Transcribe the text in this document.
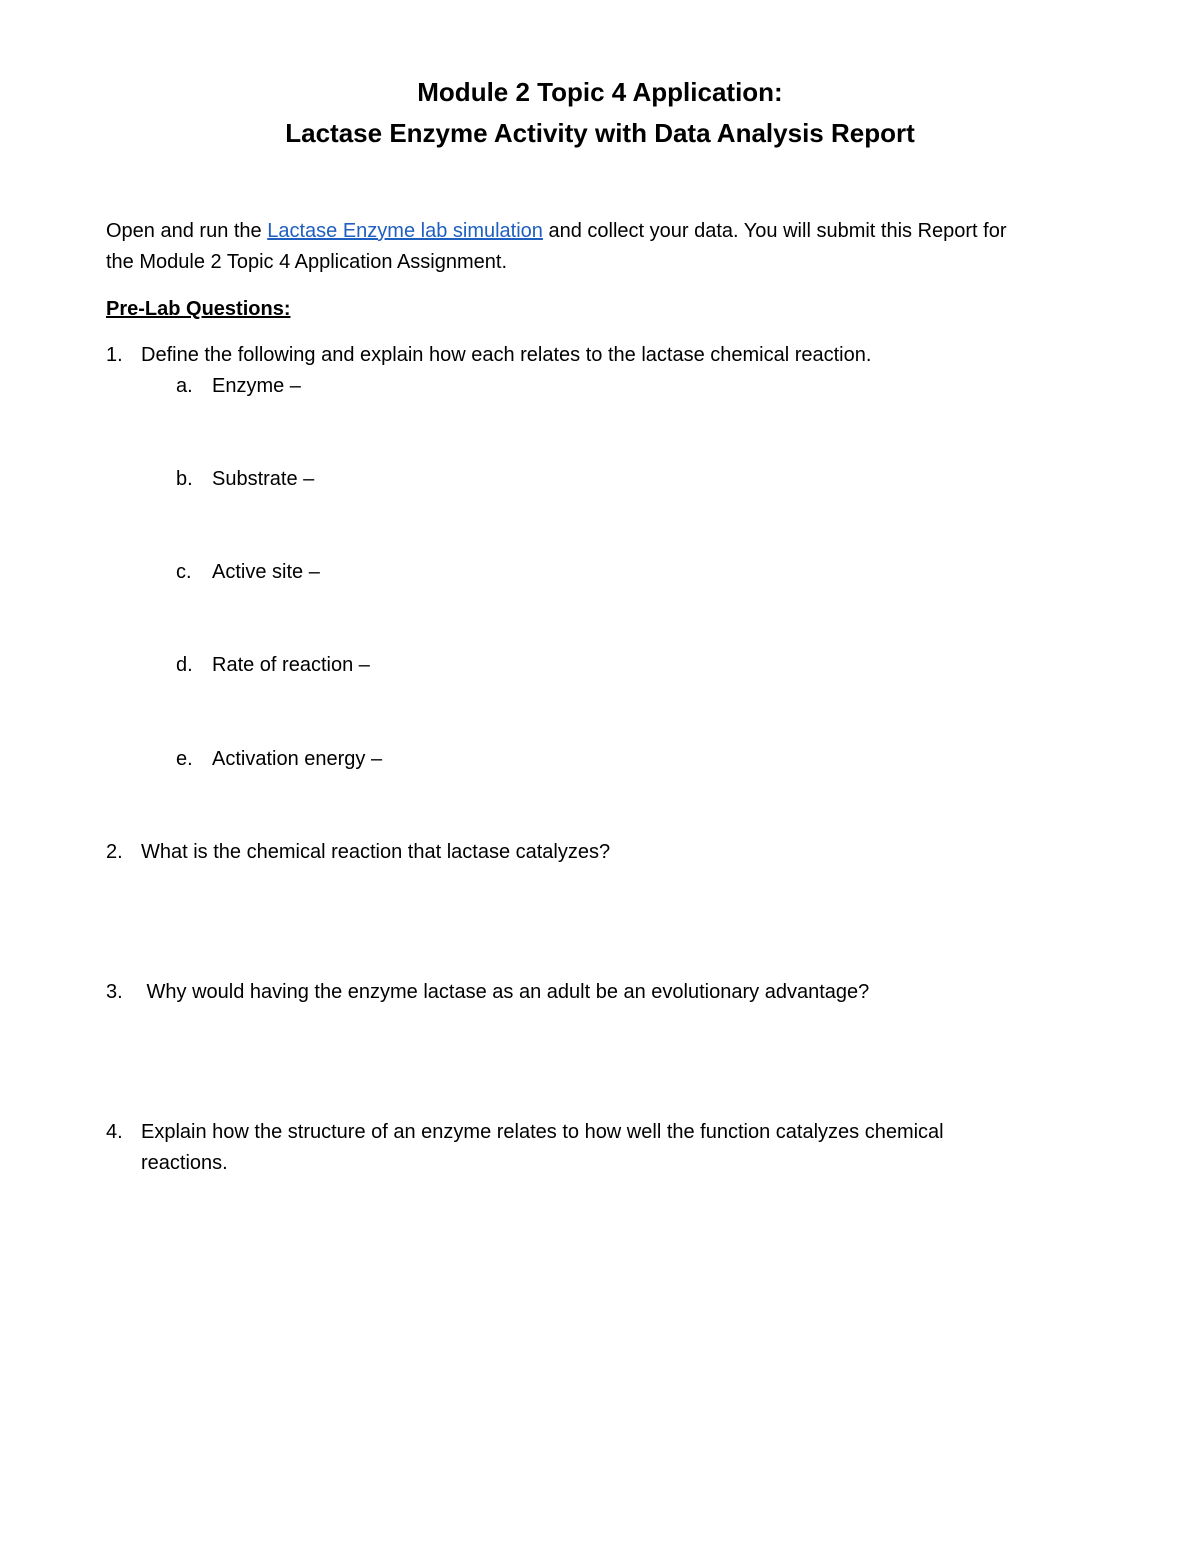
Module 2 Topic 4 Application:
Lactase Enzyme Activity with Data Analysis Report
Open and run the Lactase Enzyme lab simulation and collect your data. You will submit this Report for
the Module 2 Topic 4 Application Assignment.
Pre-Lab Questions:
1. Define the following and explain how each relates to the lactase chemical reaction.
a. Enzyme –
b. Substrate –
c. Active site –
d. Rate of reaction –
e. Activation energy –
2. What is the chemical reaction that lactase catalyzes?
3. Why would having the enzyme lactase as an adult be an evolutionary advantage?
4. Explain how the structure of an enzyme relates to how well the function catalyzes chemical
reactions.
